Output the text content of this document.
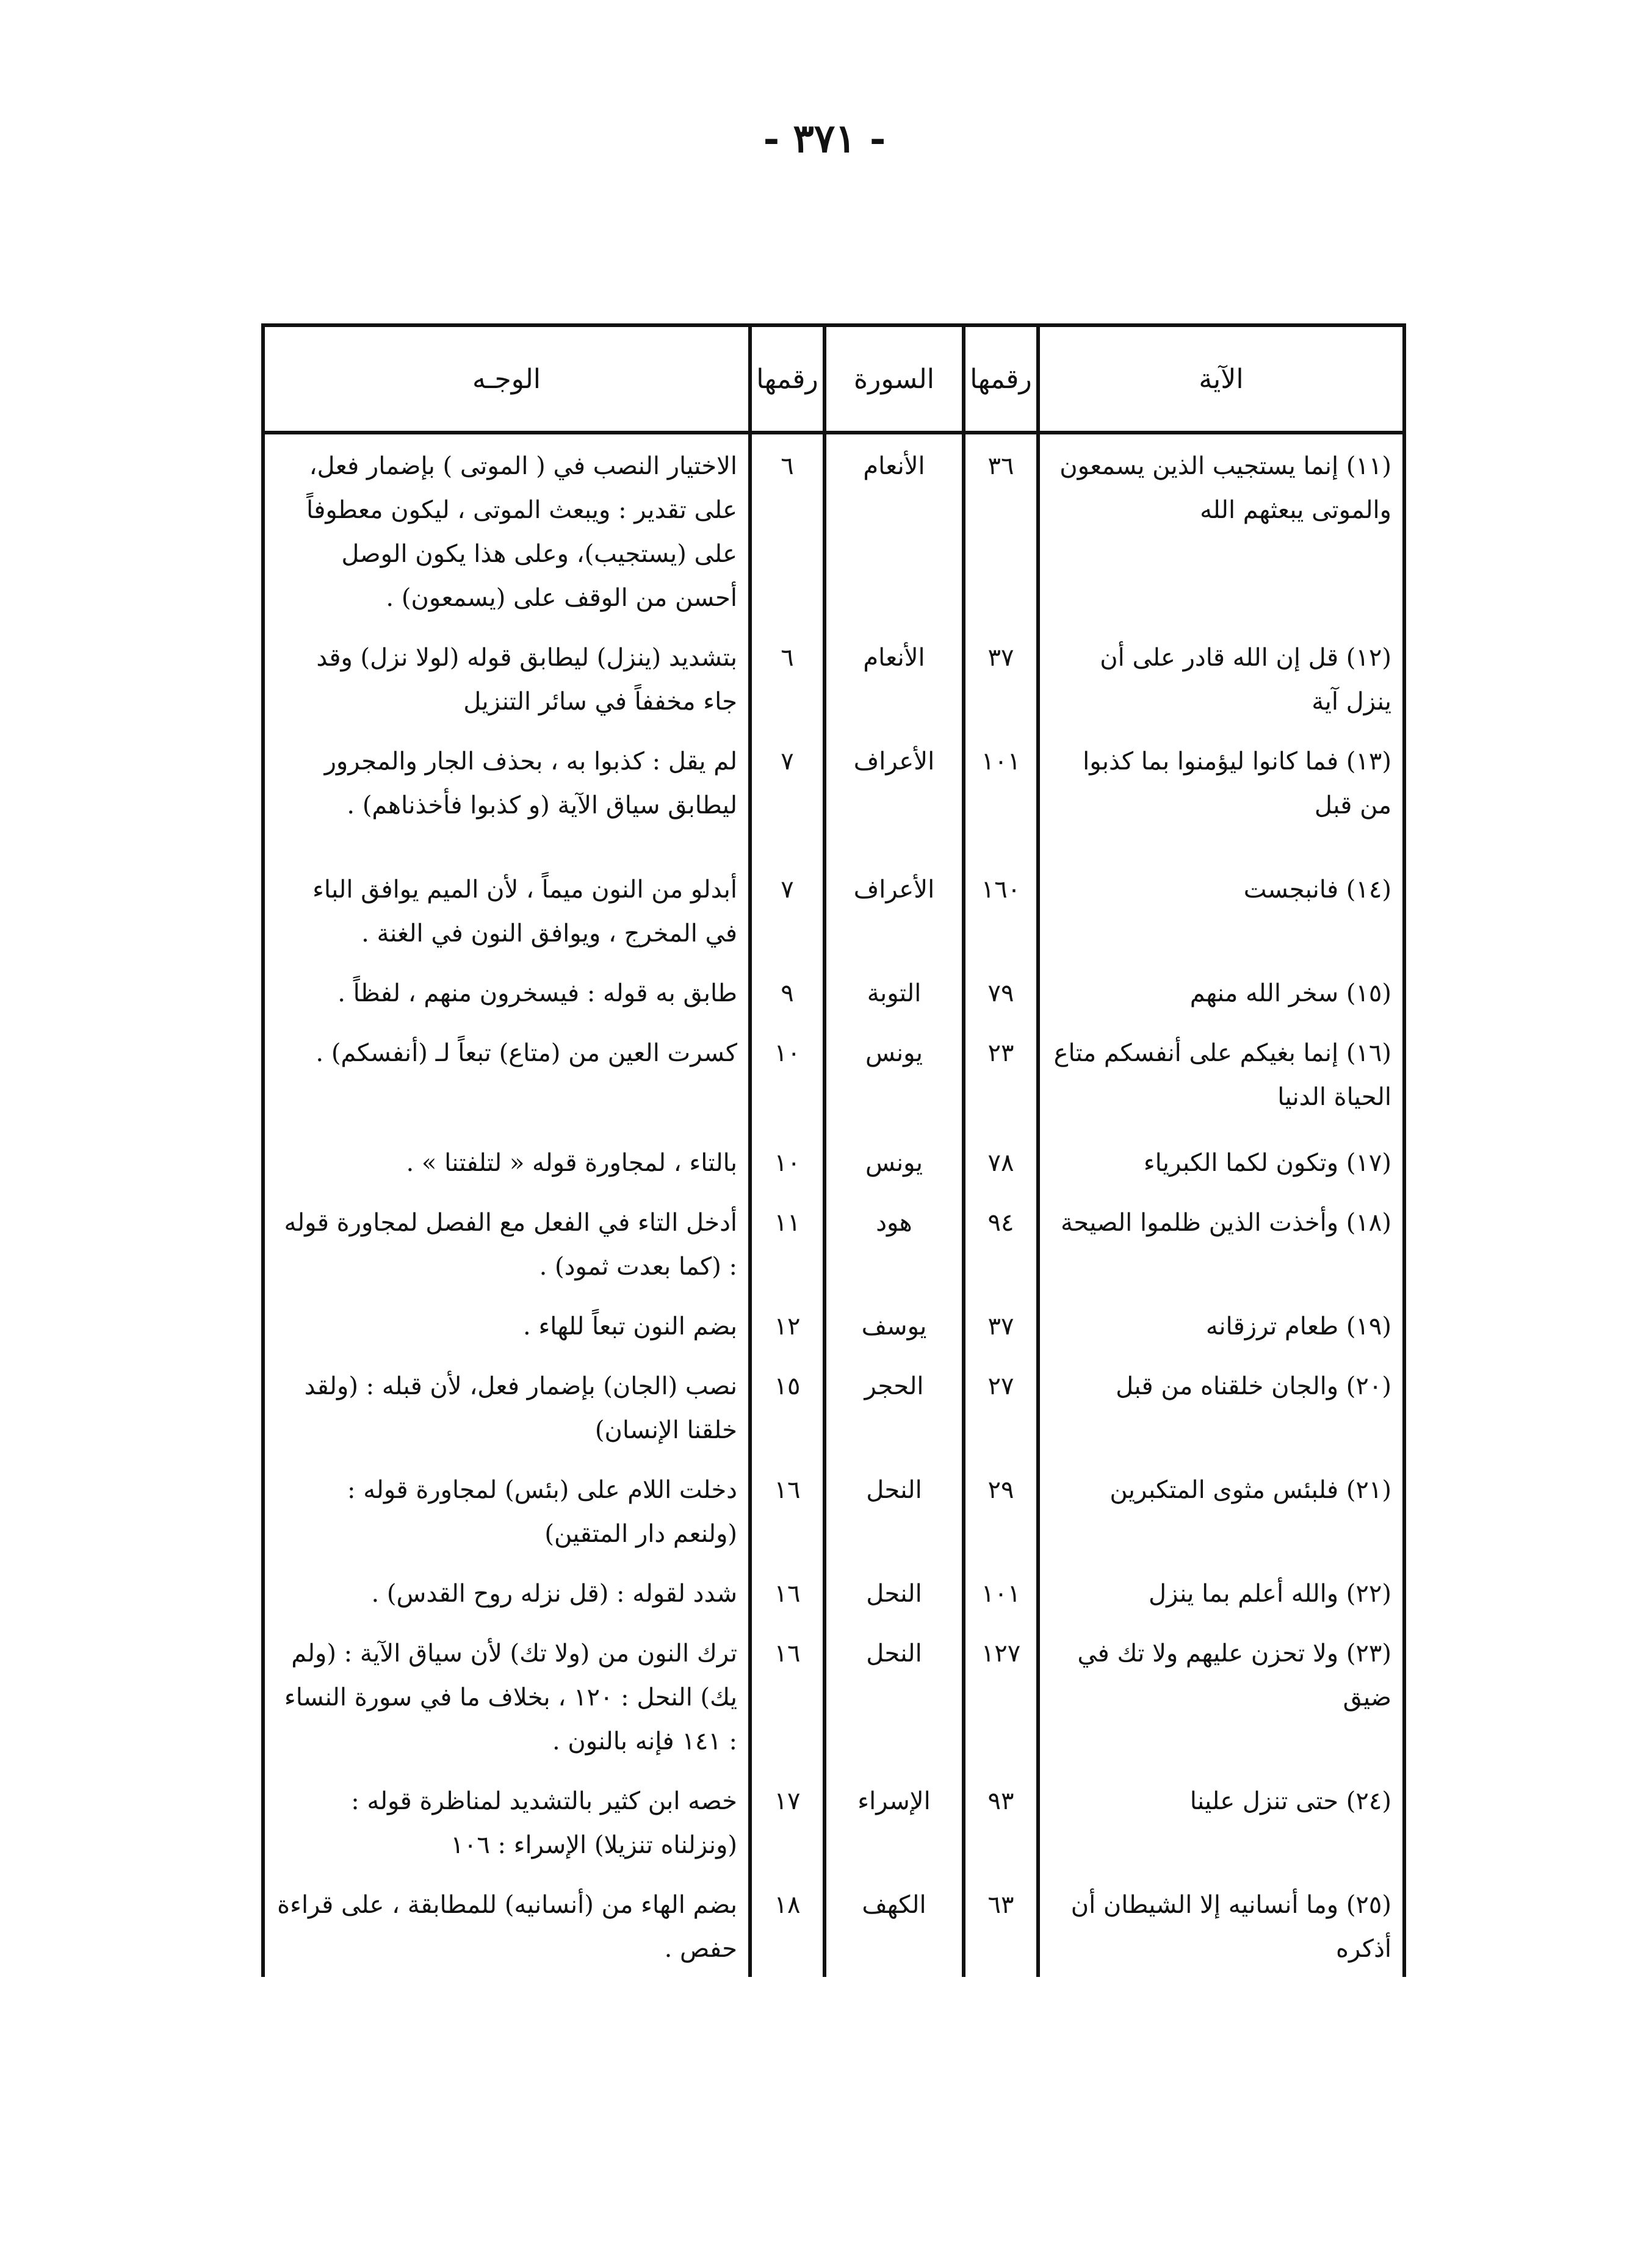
- ٣٧١ -
الآية	رقمها	السورة	رقمها	الوجـه
(١١) إنما يستجيب الذين يسمعون والموتى يبعثهم الله	٣٦	الأنعام	٦	الاختيار النصب في ( الموتى ) بإضمار فعل، على تقدير : ويبعث الموتى ، ليكون معطوفاً على (يستجيب)، وعلى هذا يكون الوصل أحسن من الوقف على (يسمعون) .
(١٢) قل إن الله قادر على أن ينزل آية	٣٧	الأنعام	٦	بتشديد (ينزل) ليطابق قوله (لولا نزل) وقد جاء مخففاً في سائر التنزيل
(١٣) فما كانوا ليؤمنوا بما كذبوا من قبل	١٠١	الأعراف	٧	لم يقل : كذبوا به ، بحذف الجار والمجرور ليطابق سياق الآية (و كذبوا فأخذناهم) .
(١٤) فانبجست	١٦٠	الأعراف	٧	أبدلو من النون ميماً ، لأن الميم يوافق الباء في المخرج ، ويوافق النون في الغنة .
(١٥) سخر الله منهم	٧٩	التوبة	٩	طابق به قوله : فيسخرون منهم ، لفظاً .
(١٦) إنما بغيكم على أنفسكم متاع الحياة الدنيا	٢٣	يونس	١٠	كسرت العين من (متاع) تبعاً لـ (أنفسكم) .
(١٧) وتكون لكما الكبرياء	٧٨	يونس	١٠	بالتاء ، لمجاورة قوله « لتلفتنا » .
(١٨) وأخذت الذين ظلموا الصيحة	٩٤	هود	١١	أدخل التاء في الفعل مع الفصل لمجاورة قوله : (كما بعدت ثمود) .
(١٩) طعام ترزقانه	٣٧	يوسف	١٢	بضم النون تبعاً للهاء .
(٢٠) والجان خلقناه من قبل	٢٧	الحجر	١٥	نصب (الجان) بإضمار فعل، لأن قبله : (ولقد خلقنا الإنسان)
(٢١) فلبئس مثوى المتكبرين	٢٩	النحل	١٦	دخلت اللام على (بئس) لمجاورة قوله : (ولنعم دار المتقين)
(٢٢) والله أعلم بما ينزل	١٠١	النحل	١٦	شدد لقوله : (قل نزله روح القدس) .
(٢٣) ولا تحزن عليهم ولا تك في ضيق	١٢٧	النحل	١٦	ترك النون من (ولا تك) لأن سياق الآية : (ولم يك) النحل : ١٢٠ ، بخلاف ما في سورة النساء : ١٤١ فإنه بالنون .
(٢٤) حتى تنزل علينا	٩٣	الإسراء	١٧	خصه ابن كثير بالتشديد لمناظرة قوله : (ونزلناه تنزيلا) الإسراء : ١٠٦
(٢٥) وما أنسانيه إلا الشيطان أن أذكره	٦٣	الكهف	١٨	بضم الهاء من (أنسانيه) للمطابقة ، على قراءة حفص .
